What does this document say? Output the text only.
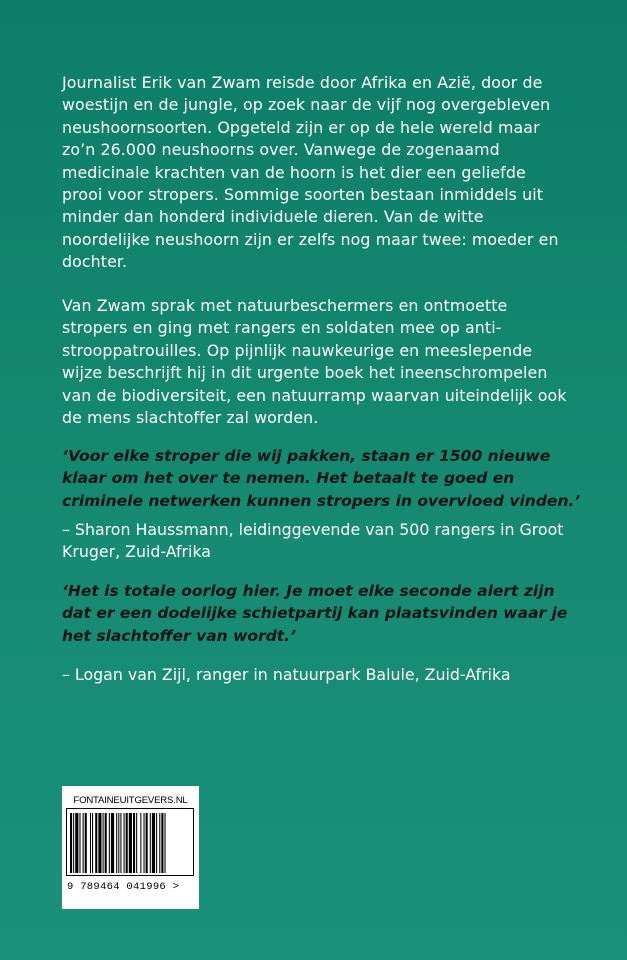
Journalist Erik van Zwam reisde door Afrika en Azië, door de woestijn en de jungle, op zoek naar de vijf nog overgebleven neushoornsoorten. Opgeteld zijn er op de hele wereld maar zo’n 26.000 neushoorns over. Vanwege de zogenaamd medicinale krachten van de hoorn is het dier een geliefde prooi voor stropers. Sommige soorten bestaan inmiddels uit minder dan honderd individuele dieren. Van de witte noordelijke neushoorn zijn er zelfs nog maar twee: moeder en dochter.

Van Zwam sprak met natuurbeschermers en ontmoette stropers en ging met rangers en soldaten mee op anti-strooppatrouilles. Op pijnlijk nauwkeurige en meeslepende wijze beschrijft hij in dit urgente boek het ineenschrompelen van de biodiversiteit, een natuurramp waarvan uiteindelijk ook de mens slachtoffer zal worden.

‘Voor elke stroper die wij pakken, staan er 1500 nieuwe klaar om het over te nemen. Het betaalt te goed en criminele netwerken kunnen stropers in overvloed vinden.’

– Sharon Haussmann, leidinggevende van 500 rangers in Groot Kruger, Zuid-Afrika

‘Het is totale oorlog hier. Je moet elke seconde alert zijn dat er een dodelijke schietpartij kan plaatsvinden waar je het slachtoffer van wordt.’

– Logan van Zijl, ranger in natuurpark Balule, Zuid-Afrika

FONTAINEUITGEVERS.NL
9 789464 041996 >
